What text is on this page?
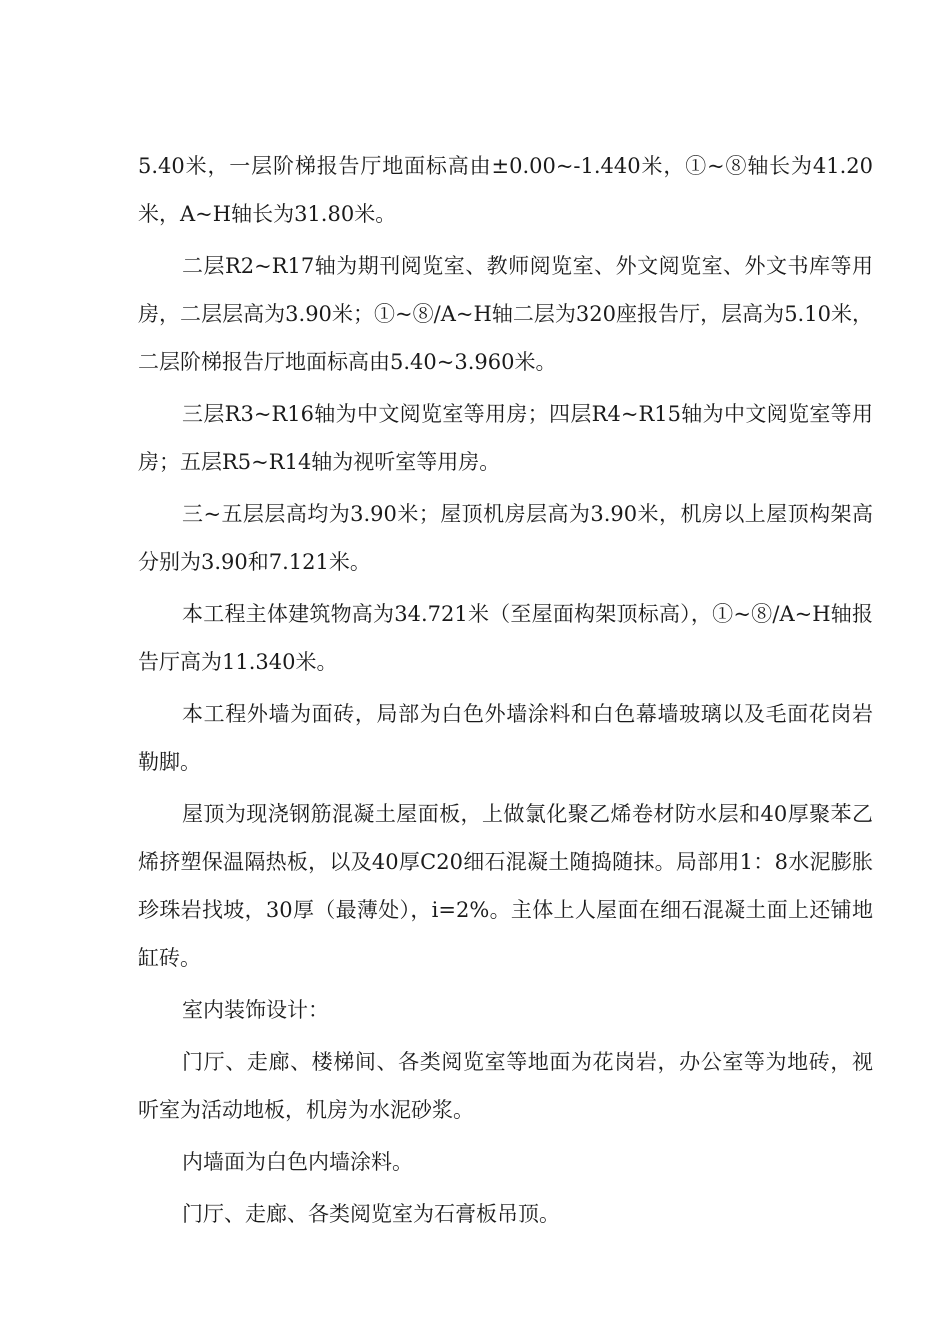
5.40米，一层阶梯报告厅地面标高由±0.00~-1.440米，①~⑧轴长为41.20米，A~H轴长为31.80米。

二层R2~R17轴为期刊阅览室、教师阅览室、外文阅览室、外文书库等用房，二层层高为3.90米；①~⑧/A~H轴二层为320座报告厅，层高为5.10米，二层阶梯报告厅地面标高由5.40~3.960米。

三层R3~R16轴为中文阅览室等用房；四层R4~R15轴为中文阅览室等用房；五层R5~R14轴为视听室等用房。

三~五层层高均为3.90米；屋顶机房层高为3.90米，机房以上屋顶构架高分别为3.90和7.121米。

本工程主体建筑物高为34.721米（至屋面构架顶标高），①~⑧/A~H轴报告厅高为11.340米。

本工程外墙为面砖，局部为白色外墙涂料和白色幕墙玻璃以及毛面花岗岩勒脚。

屋顶为现浇钢筋混凝土屋面板，上做氯化聚乙烯卷材防水层和40厚聚苯乙烯挤塑保温隔热板，以及40厚C20细石混凝土随捣随抹。局部用1：8水泥膨胀珍珠岩找坡，30厚（最薄处），i=2%。主体上人屋面在细石混凝土面上还铺地缸砖。

室内装饰设计：

门厅、走廊、楼梯间、各类阅览室等地面为花岗岩，办公室等为地砖，视听室为活动地板，机房为水泥砂浆。

内墙面为白色内墙涂料。

门厅、走廊、各类阅览室为石膏板吊顶。
